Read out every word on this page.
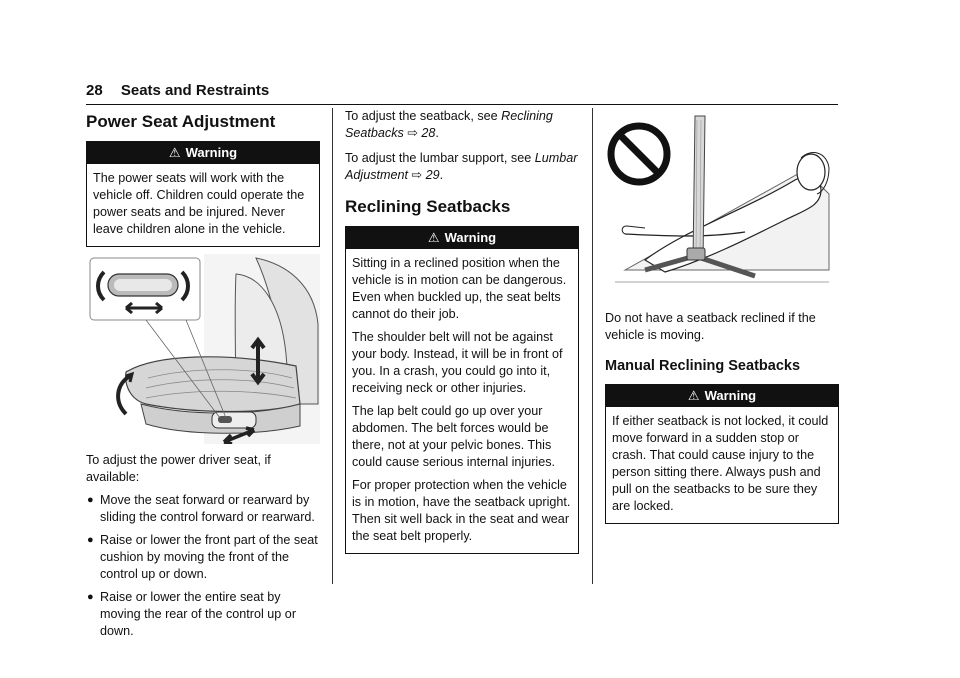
28 Seats and Restraints
Power Seat Adjustment
⚠ Warning

The power seats will work with the vehicle off. Children could operate the power seats and be injured. Never leave children alone in the vehicle.

To adjust the power driver seat, if available:

● Move the seat forward or rearward by sliding the control forward or rearward.
● Raise or lower the front part of the seat cushion by moving the front of the control up or down.
● Raise or lower the entire seat by moving the rear of the control up or down.

To adjust the seatback, see Reclining Seatbacks ⇨ 28.

To adjust the lumbar support, see Lumbar Adjustment ⇨ 29.

Reclining Seatbacks
⚠ Warning

Sitting in a reclined position when the vehicle is in motion can be dangerous. Even when buckled up, the seat belts cannot do their job.

The shoulder belt will not be against your body. Instead, it will be in front of you. In a crash, you could go into it, receiving neck or other injuries.

The lap belt could go up over your abdomen. The belt forces would be there, not at your pelvic bones. This could cause serious internal injuries.

For proper protection when the vehicle is in motion, have the seatback upright. Then sit well back in the seat and wear the seat belt properly.

Do not have a seatback reclined if the vehicle is moving.

Manual Reclining Seatbacks
⚠ Warning

If either seatback is not locked, it could move forward in a sudden stop or crash. That could cause injury to the person sitting there. Always push and pull on the seatbacks to be sure they are locked.
